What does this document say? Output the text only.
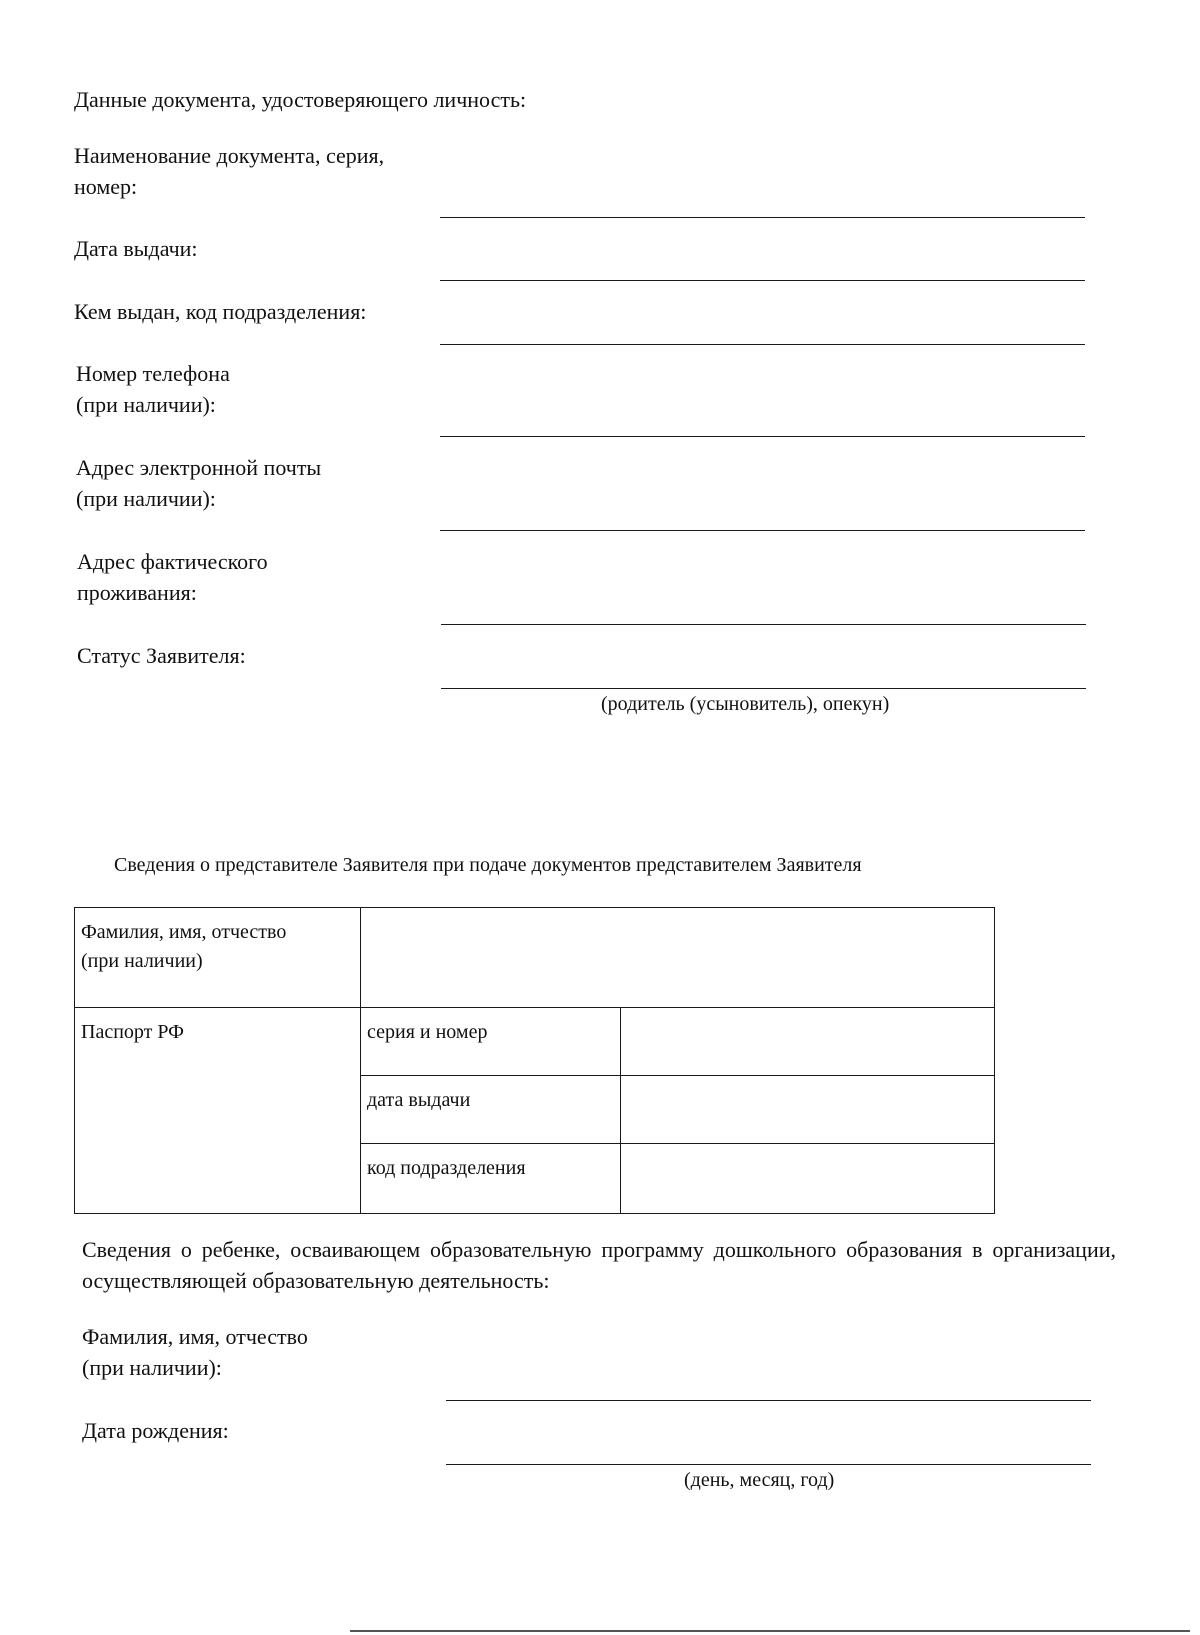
Данные документа, удостоверяющего личность:
Наименование документа, серия,
номер:
Дата выдачи:
Кем выдан, код подразделения:
Номер телефона
(при наличии):
Адрес электронной почты
(при наличии):
Адрес фактического
проживания:
Статус Заявителя:
(родитель (усыновитель), опекун)
Сведения о представителе Заявителя при подаче документов представителем Заявителя
Фамилия, имя, отчество
(при наличии)		

Паспорт РФ	серия и номер	

	дата выдачи	

	код подразделения	

Сведения о ребенке, осваивающем образовательную программу дошкольного образования в организации, осуществляющей образовательную деятельность:
Фамилия, имя, отчество
(при наличии):
Дата рождения:
(день, месяц, год)
